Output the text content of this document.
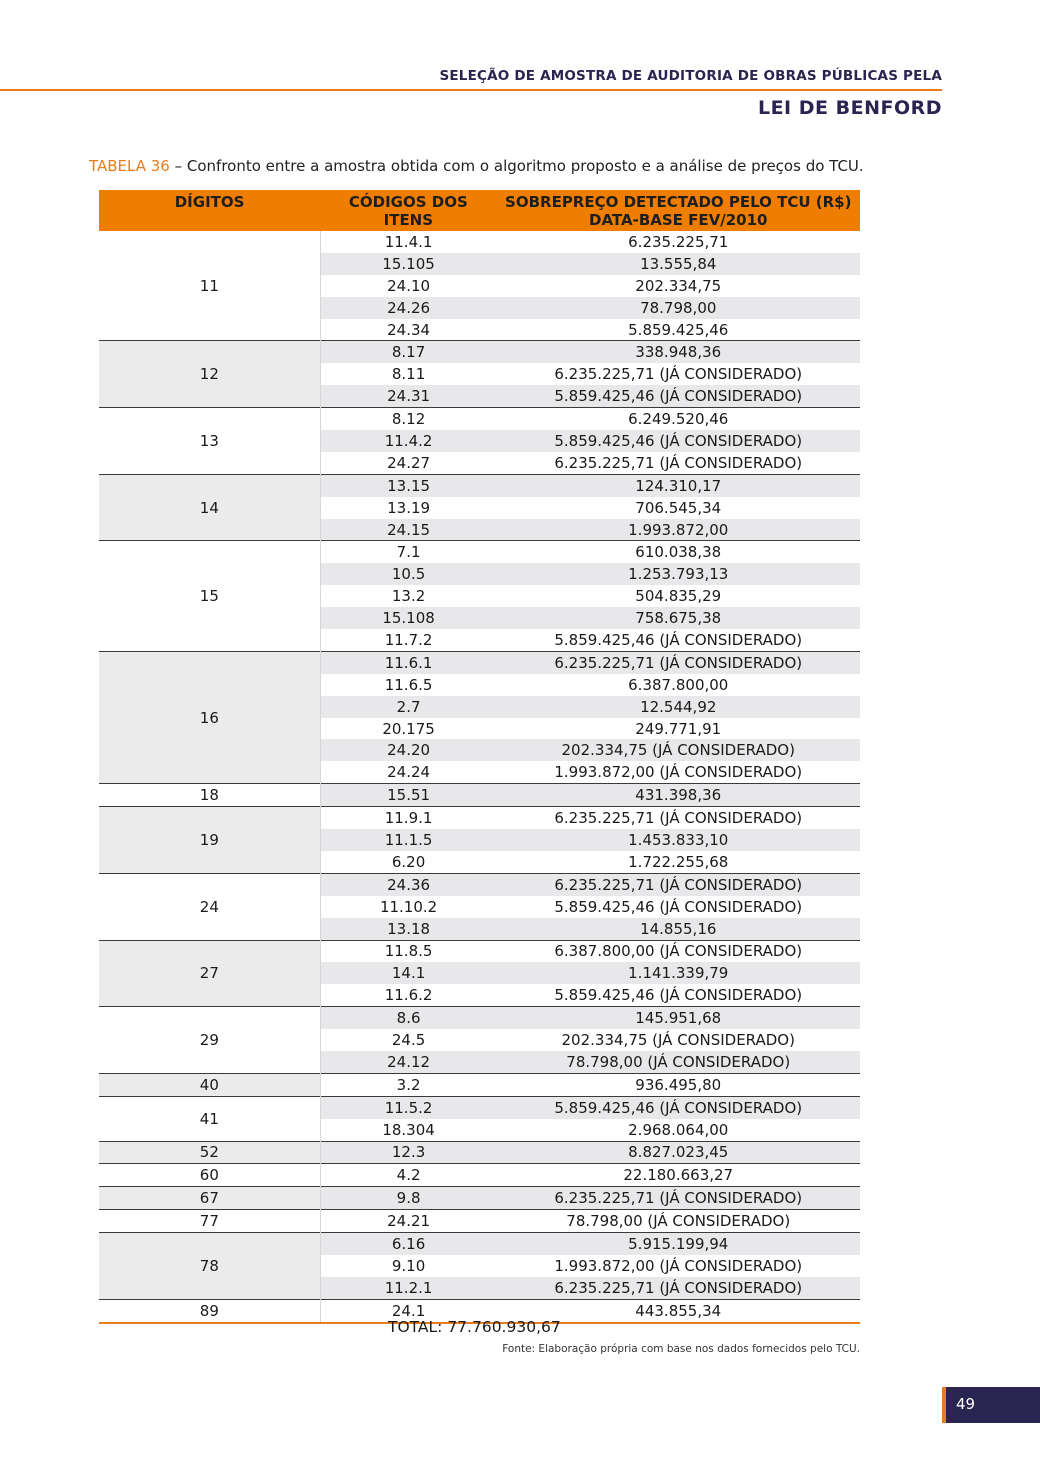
SELEÇÃO DE AMOSTRA DE AUDITORIA DE OBRAS PÚBLICAS PELA
LEI DE BENFORD
TABELA 36 – Confronto entre a amostra obtida com o algoritmo proposto e a análise de preços do TCU.
DÍGITOS	CÓDIGOS DOS ITENS	SOBREPREÇO DETECTADO PELO TCU (R$) DATA-BASE FEV/2010
11	11.4.1	6.235.225,71
	15.105	13.555,84
	24.10	202.334,75
	24.26	78.798,00
	24.34	5.859.425,46
12	8.17	338.948,36
	8.11	6.235.225,71 (JÁ CONSIDERADO)
	24.31	5.859.425,46 (JÁ CONSIDERADO)
13	8.12	6.249.520,46
	11.4.2	5.859.425,46 (JÁ CONSIDERADO)
	24.27	6.235.225,71 (JÁ CONSIDERADO)
14	13.15	124.310,17
	13.19	706.545,34
	24.15	1.993.872,00
15	7.1	610.038,38
	10.5	1.253.793,13
	13.2	504.835,29
	15.108	758.675,38
	11.7.2	5.859.425,46 (JÁ CONSIDERADO)
16	11.6.1	6.235.225,71 (JÁ CONSIDERADO)
	11.6.5	6.387.800,00
	2.7	12.544,92
	20.175	249.771,91
	24.20	202.334,75 (JÁ CONSIDERADO)
	24.24	1.993.872,00 (JÁ CONSIDERADO)
18	15.51	431.398,36
19	11.9.1	6.235.225,71 (JÁ CONSIDERADO)
	11.1.5	1.453.833,10
	6.20	1.722.255,68
24	24.36	6.235.225,71 (JÁ CONSIDERADO)
	11.10.2	5.859.425,46 (JÁ CONSIDERADO)
	13.18	14.855,16
27	11.8.5	6.387.800,00 (JÁ CONSIDERADO)
	14.1	1.141.339,79
	11.6.2	5.859.425,46 (JÁ CONSIDERADO)
29	8.6	145.951,68
	24.5	202.334,75 (JÁ CONSIDERADO)
	24.12	78.798,00 (JÁ CONSIDERADO)
40	3.2	936.495,80
41	11.5.2	5.859.425,46 (JÁ CONSIDERADO)
	18.304	2.968.064,00
52	12.3	8.827.023,45
60	4.2	22.180.663,27
67	9.8	6.235.225,71 (JÁ CONSIDERADO)
77	24.21	78.798,00 (JÁ CONSIDERADO)
78	6.16	5.915.199,94
	9.10	1.993.872,00 (JÁ CONSIDERADO)
	11.2.1	6.235.225,71 (JÁ CONSIDERADO)
89	24.1	443.855,34
TOTAL: 77.760.930,67
Fonte: Elaboração própria com base nos dados fornecidos pelo TCU.
49
